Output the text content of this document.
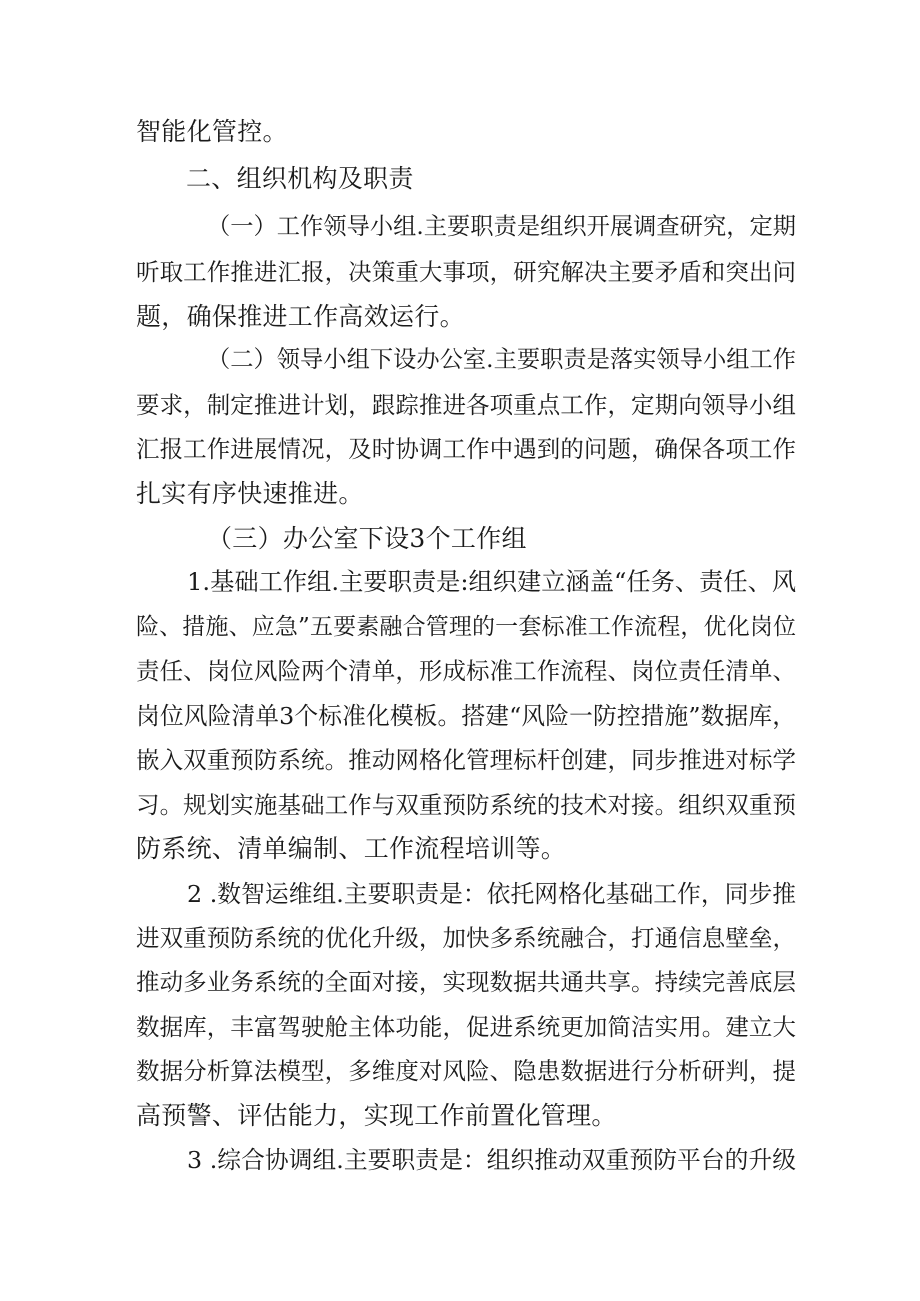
智能化管控。
二、组织机构及职责
（一）工作领导小组.主要职责是组织开展调查研究，定期
听取工作推进汇报，决策重大事项，研究解决主要矛盾和突出问
题，确保推进工作高效运行。
（二）领导小组下设办公室.主要职责是落实领导小组工作
要求，制定推进计划，跟踪推进各项重点工作，定期向领导小组
汇报工作进展情况，及时协调工作中遇到的问题，确保各项工作
扎实有序快速推进。
（三）办公室下设3个工作组
1.基础工作组.主要职责是:组织建立涵盖“任务、责任、风
险、措施、应急”五要素融合管理的一套标准工作流程，优化岗位
责任、岗位风险两个清单，形成标准工作流程、岗位责任清单、
岗位风险清单3个标准化模板。搭建“风险一防控措施”数据库，
嵌入双重预防系统。推动网格化管理标杆创建，同步推进对标学
习。规划实施基础工作与双重预防系统的技术对接。组织双重预
防系统、清单编制、工作流程培训等。
2 .数智运维组.主要职责是：依托网格化基础工作，同步推
进双重预防系统的优化升级，加快多系统融合，打通信息壁垒，
推动多业务系统的全面对接，实现数据共通共享。持续完善底层
数据库，丰富驾驶舱主体功能，促进系统更加简洁实用。建立大
数据分析算法模型，多维度对风险、隐患数据进行分析研判，提
高预警、评估能力，实现工作前置化管理。
3 .综合协调组.主要职责是：组织推动双重预防平台的升级
